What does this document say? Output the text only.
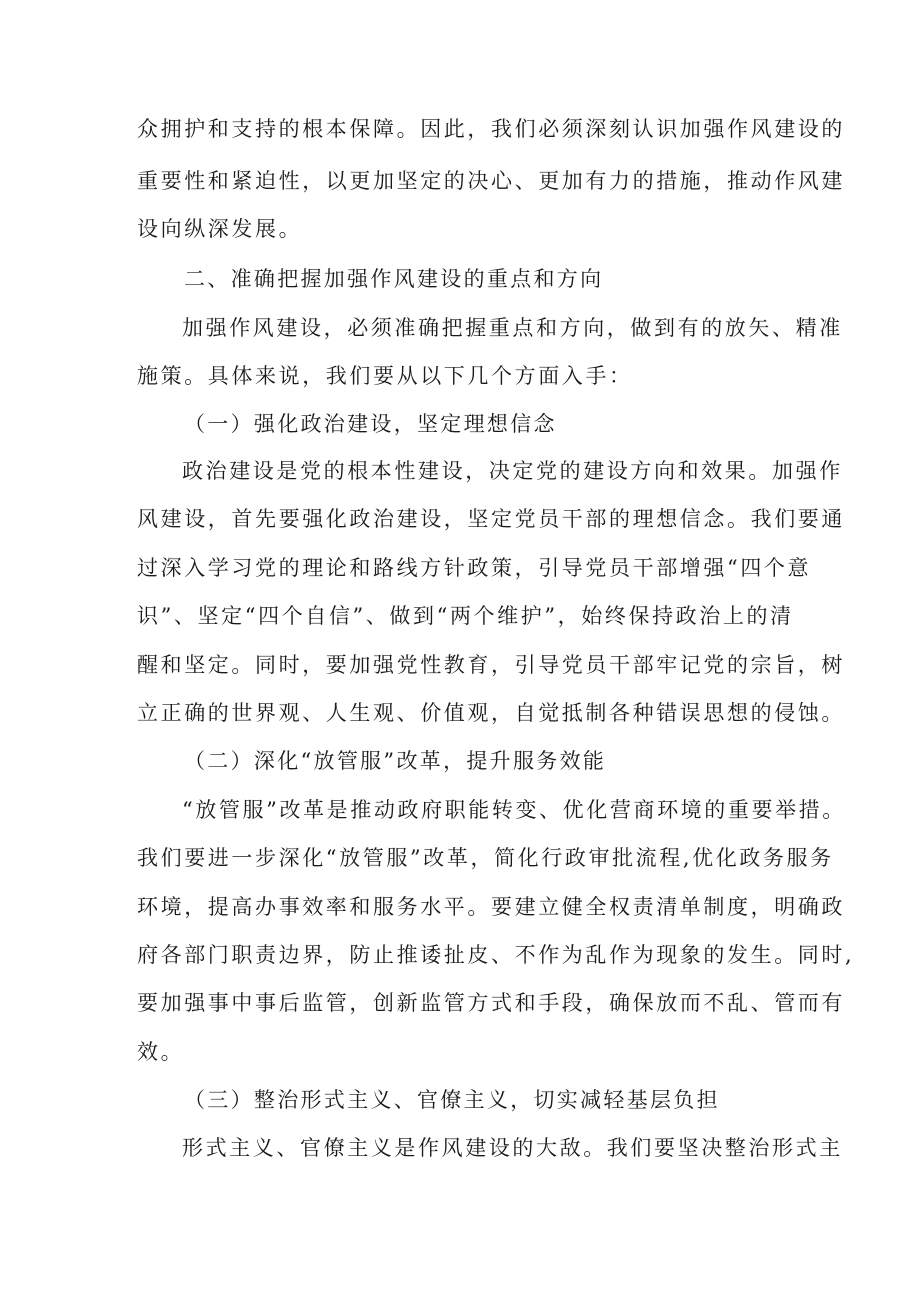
众拥护和支持的根本保障。因此，我们必须深刻认识加强作风建设的
重要性和紧迫性，以更加坚定的决心、更加有力的措施，推动作风建
设向纵深发展。
二、准确把握加强作风建设的重点和方向
加强作风建设，必须准确把握重点和方向，做到有的放矢、精准
施策。具体来说，我们要从以下几个方面入手：
（一）强化政治建设，坚定理想信念
政治建设是党的根本性建设，决定党的建设方向和效果。加强作
风建设，首先要强化政治建设，坚定党员干部的理想信念。我们要通
过深入学习党的理论和路线方针政策，引导党员干部增强“四个意
识”、坚定“四个自信”、做到“两个维护”，始终保持政治上的清
醒和坚定。同时，要加强党性教育，引导党员干部牢记党的宗旨，树
立正确的世界观、人生观、价值观，自觉抵制各种错误思想的侵蚀。
（二）深化“放管服”改革，提升服务效能
“放管服”改革是推动政府职能转变、优化营商环境的重要举措。
我们要进一步深化“放管服”改革，简化行政审批流程,优化政务服务
环境，提高办事效率和服务水平。要建立健全权责清单制度，明确政
府各部门职责边界，防止推诿扯皮、不作为乱作为现象的发生。同时,
要加强事中事后监管，创新监管方式和手段，确保放而不乱、管而有
效。
（三）整治形式主义、官僚主义，切实减轻基层负担
形式主义、官僚主义是作风建设的大敌。我们要坚决整治形式主
